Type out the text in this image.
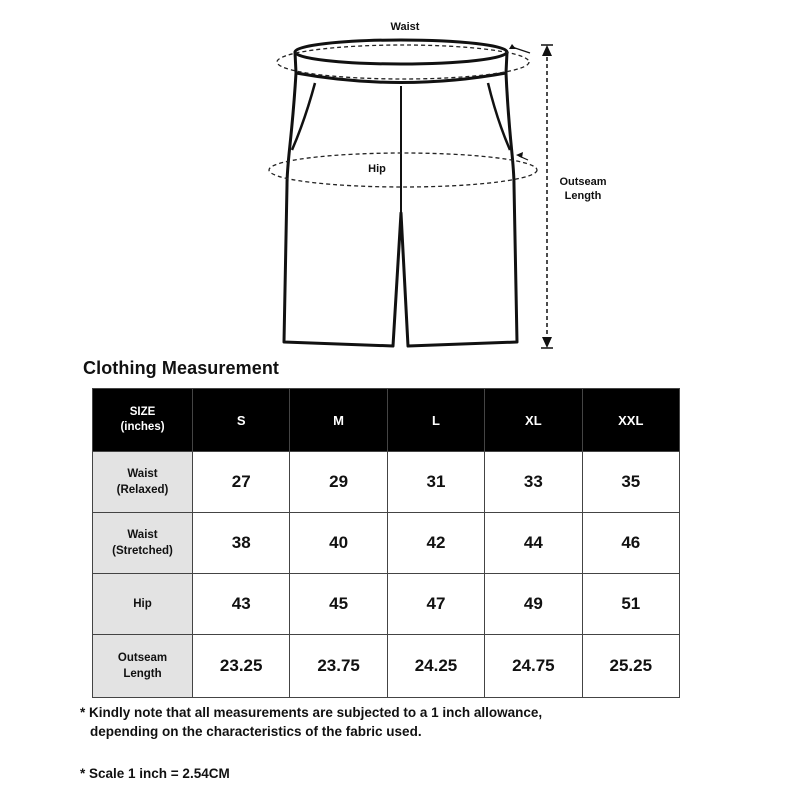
Waist
Hip
Outseam
Length
Clothing Measurement
SIZE
(inches)	S	M	L	XL	XXL

Waist
(Relaxed)	27	29	31	33	35

Waist
(Stretched)	38	40	42	44	46

Hip	43	45	47	49	51

Outseam
Length	23.25	23.75	24.25	24.75	25.25
* Kindly note that all measurements are subjected to a 1 inch allowance,
depending on the characteristics of the fabric used.
* Scale 1 inch = 2.54CM
